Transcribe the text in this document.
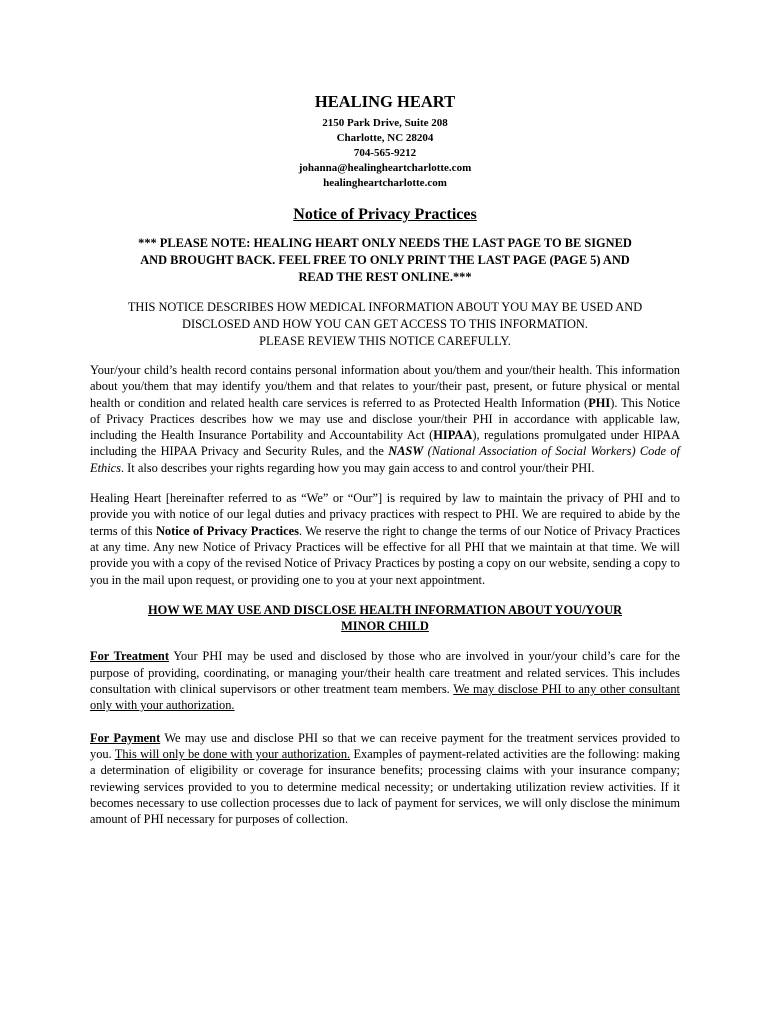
HEALING HEART
2150 Park Drive, Suite 208
Charlotte, NC 28204
704-565-9212
johanna@healingheartcharlotte.com
healingheartcharlotte.com
Notice of Privacy Practices
*** PLEASE NOTE: HEALING HEART ONLY NEEDS THE LAST PAGE TO BE SIGNED
AND BROUGHT BACK. FEEL FREE TO ONLY PRINT THE LAST PAGE (PAGE 5) AND
READ THE REST ONLINE.***
THIS NOTICE DESCRIBES HOW MEDICAL INFORMATION ABOUT YOU MAY BE USED AND
DISCLOSED AND HOW YOU CAN GET ACCESS TO THIS INFORMATION.
PLEASE REVIEW THIS NOTICE CAREFULLY.

Your/your child’s health record contains personal information about you/them and your/their health. This information about you/them that may identify you/them and that relates to your/their past, present, or future physical or mental health or condition and related health care services is referred to as Protected Health Information (PHI). This Notice of Privacy Practices describes how we may use and disclose your/their PHI in accordance with applicable law, including the Health Insurance Portability and Accountability Act (HIPAA), regulations promulgated under HIPAA including the HIPAA Privacy and Security Rules, and the NASW (National Association of Social Workers) Code of Ethics. It also describes your rights regarding how you may gain access to and control your/their PHI.

Healing Heart [hereinafter referred to as “We” or “Our”] is required by law to maintain the privacy of PHI and to provide you with notice of our legal duties and privacy practices with respect to PHI. We are required to abide by the terms of this Notice of Privacy Practices. We reserve the right to change the terms of our Notice of Privacy Practices at any time. Any new Notice of Privacy Practices will be effective for all PHI that we maintain at that time. We will provide you with a copy of the revised Notice of Privacy Practices by posting a copy on our website, sending a copy to you in the mail upon request, or providing one to you at your next appointment.

HOW WE MAY USE AND DISCLOSE HEALTH INFORMATION ABOUT YOU/YOUR
MINOR CHILD

For Treatment Your PHI may be used and disclosed by those who are involved in your/your child’s care for the purpose of providing, coordinating, or managing your/their health care treatment and related services. This includes consultation with clinical supervisors or other treatment team members. We may disclose PHI to any other consultant only with your authorization.

For Payment We may use and disclose PHI so that we can receive payment for the treatment services provided to you. This will only be done with your authorization. Examples of payment-related activities are the following: making a determination of eligibility or coverage for insurance benefits; processing claims with your insurance company; reviewing services provided to you to determine medical necessity; or undertaking utilization review activities. If it becomes necessary to use collection processes due to lack of payment for services, we will only disclose the minimum amount of PHI necessary for purposes of collection.
